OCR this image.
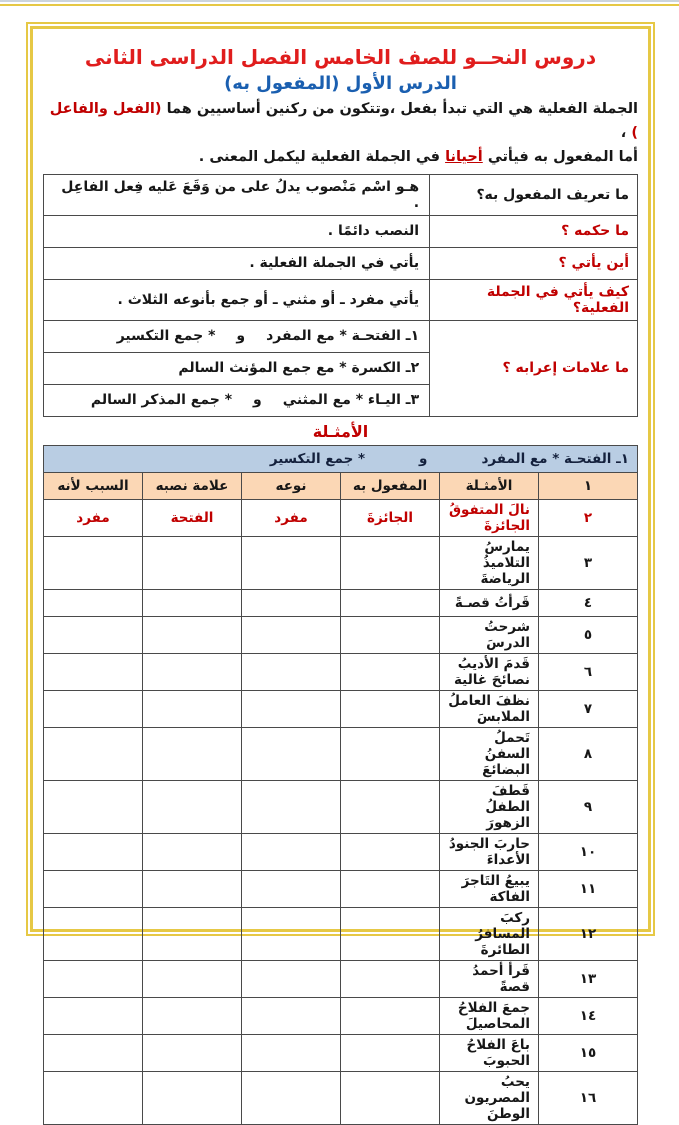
دروس النحــو للصف الخامس الفصل الدراسى الثانى
الدرس الأول (المفعول به)
الجملة الفعلية هي التي تبدأ بفعل ،وتتكون من ركنين أساسيين هما (الفعل والفاعل ) ،
أما المفعول به فيأتي أحيانا في الجملة الفعلية ليكمل المعنى .
ما تعريف المفعول به؟	هـو اسْم مَنْصوب يدلُ على من وَقَعَ عَليه فِعل الفاعِل .
ما حكمه ؟	النصب دائمًا .
أين يأتي ؟	يأتي في الجملة الفعلية .
كيف يأتي في الجملة الفعلية؟	يأتي مفرد ـ أو مثني ـ أو جمع بأنوعه الثلاث .
ما علامات إعرابه ؟	١ـ الفتحـة * مع المفرد  و  * جمع التكسير
	٢ـ الكسرة * مع جمع المؤنث السالم
	٣ـ اليـاء * مع المثني  و  * جمع المذكر السالم
الأمثـلة
١ـ الفتحـة * مع المفرد    و    * جمع التكسير					
١	الأمثـلة	المفعول به	نوعه	علامة نصبه	السبب لأنه
٢	نالَ المتفوقُ الجائزةَ	الجائزةَ	مفرد	الفتحة	مفرد
٣	يمارسُ التلاميذُ الرياضةَ				
٤	قَرأتُ قصـةً				
٥	شرحتُ الدرسَ				
٦	قَدمَ الأديبُ نصائحَ غالية				
٧	نظفَ العاملُ الملابسَ				
٨	تَحملُ السفنُ البضائعَ				
٩	قَطفَ الطفلُ الزهورَ				
١٠	حاربَ الجنودُ الأعداءَ				
١١	يبيعُ التَاجرَ الفاكة				
١٢	ركبَ المسافرُ الطائرةَ				
١٣	قَرأ أحمدُ قصةً				
١٤	جمعَ الفلاحُ المحاصيلَ				
١٥	باعَ الفلاحُ الحبوبَ				
١٦	يحبُ المصريون الوطنَ				
